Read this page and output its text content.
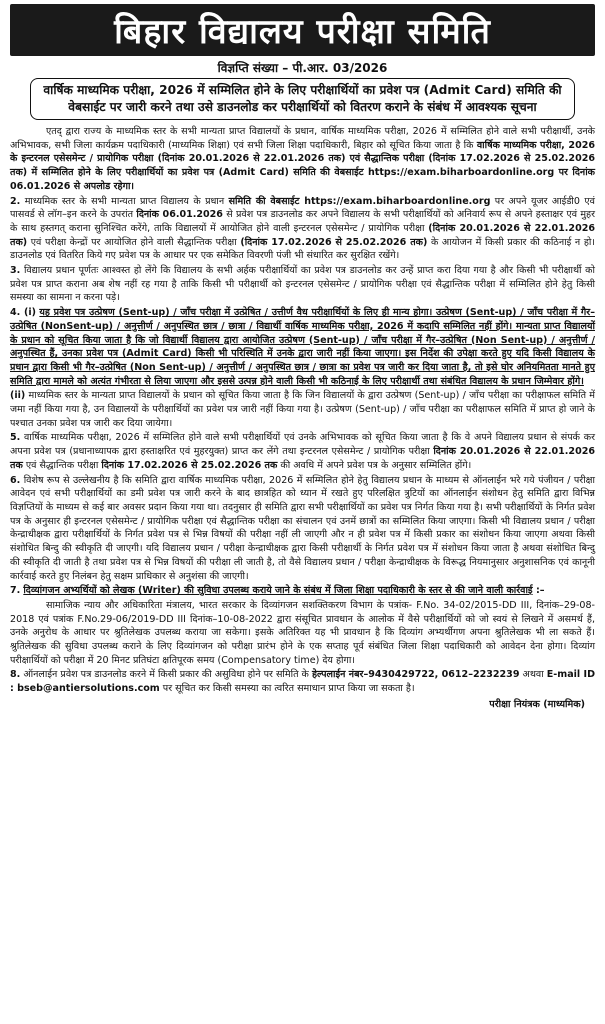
बिहार विद्यालय परीक्षा समिति
विज्ञप्ति संख्या – पी.आर. 03/2026
वार्षिक माध्यमिक परीक्षा, 2026 में सम्मिलित होने के लिए परीक्षार्थियों का प्रवेश पत्र (Admit Card) समिति की वेबसाईट पर जारी करने तथा उसे डाउनलोड कर परीक्षार्थियों को वितरण कराने के संबंध में आवश्यक सूचना

एतद् द्वारा राज्य के माध्यमिक स्तर के सभी मान्यता प्राप्त विद्यालयों के प्रधान, वार्षिक माध्यमिक परीक्षा, 2026 में सम्मिलित होने वाले सभी परीक्षार्थी, उनके अभिभावक, सभी जिला कार्यक्रम पदाधिकारी (माध्यमिक शिक्षा) एवं सभी जिला शिक्षा पदाधिकारी, बिहार को सूचित किया जाता है कि वार्षिक माध्यमिक परीक्षा, 2026 के इन्टरनल एसेसमेन्ट / प्रायोगिक परीक्षा (दिनांक 20.01.2026 से 22.01.2026 तक) एवं सैद्धान्तिक परीक्षा (दिनांक 17.02.2026 से 25.02.2026 तक) में सम्मिलित होने के लिए परीक्षार्थियों का प्रवेश पत्र (Admit Card) समिति की वेबसाईट https://exam.biharboardonline.org पर दिनांक 06.01.2026 से अपलोड रहेगा।

2. माध्यमिक स्तर के सभी मान्यता प्राप्त विद्यालय के प्रधान समिति की वेबसाईट https://exam.biharboardonline.org पर अपने यूजर आईडी0 एवं पासवर्ड से लॉग–इन करने के उपरांत दिनांक 06.01.2026 से प्रवेश पत्र डाउनलोड कर अपने विद्यालय के सभी परीक्षार्थियों को अनिवार्य रूप से अपने हस्ताक्षर एवं मुहर के साथ हस्तगत् कराना सुनिश्चित करेंगे, ताकि विद्यालयों में आयोजित होने वाली इन्टरनल एसेसमेन्ट / प्रायोगिक परीक्षा (दिनांक 20.01.2026 से 22.01.2026 तक) एवं परीक्षा केन्द्रों पर आयोजित होने वाली सैद्धान्तिक परीक्षा (दिनांक 17.02.2026 से 25.02.2026 तक) के आयोजन में किसी प्रकार की कठिनाई न हो। डाउनलोड एवं वितरित किये गए प्रवेश पत्र के आधार पर एक समेकित विवरणी पंजी भी संधारित कर सुरक्षित रखेंगे।

3. विद्यालय प्रधान पूर्णतः आश्वस्त हो लेंगे कि विद्यालय के सभी अर्हक परीक्षार्थियों का प्रवेश पत्र डाउनलोड कर उन्हें प्राप्त करा दिया गया है और किसी भी परीक्षार्थी को प्रवेश पत्र प्राप्त कराना अब शेष नहीं रह गया है ताकि किसी भी परीक्षार्थी को इन्टरनल एसेसमेन्ट / प्रायोगिक परीक्षा एवं सैद्धान्तिक परीक्षा में सम्मिलित होने हेतु किसी समस्या का सामना न करना पड़े।

4. (i) यह प्रवेश पत्र उत्प्रेषण (Sent-up) / जाँच परीक्षा में उत्प्रेषित / उत्तीर्ण वैध परीक्षार्थियों के लिए ही मान्य होगा। उत्प्रेषण (Sent-up) / जाँच परीक्षा में गैर–उत्प्रेषित (NonSent-up) / अनुत्तीर्ण / अनुपस्थित छात्र / छात्रा / विद्यार्थी वार्षिक माध्यमिक परीक्षा, 2026 में कदापि सम्मिलित नहीं होंगे। मान्यता प्राप्त विद्यालयों के प्रधान को सूचित किया जाता है कि जो विद्यार्थी विद्यालय द्वारा आयोजित उत्प्रेषण (Sent-up) / जाँच परीक्षा में गैर–उत्प्रेषित (Non Sent-up) / अनुत्तीर्ण / अनुपस्थित हैं, उनका प्रवेश पत्र (Admit Card) किसी भी परिस्थिति में उनके द्वारा जारी नहीं किया जाएगा। इस निर्देश की उपेक्षा करते हुए यदि किसी विद्यालय के प्रधान द्वारा किसी भी गैर–उत्प्रेषित (Non Sent-up) / अनुत्तीर्ण / अनुपस्थित छात्र / छात्रा का प्रवेश पत्र जारी कर दिया जाता है, तो इसे घोर अनियमितता मानते हुए समिति द्वारा मामले को अत्यंत गंभीरता से लिया जाएगा और इससे उत्पन्न होने वाली किसी भी कठिनाई के लिए परीक्षार्थी तथा संबंधित विद्यालय के प्रधान जिम्मेवार होंगे।

(ii) माध्यमिक स्तर के मान्यता प्राप्त विद्यालयों के प्रधान को सूचित किया जाता है कि जिन विद्यालयों के द्वारा उत्प्रेषण (Sent-up) / जाँच परीक्षा का परीक्षाफल समिति में जमा नहीं किया गया है, उन विद्यालयों के परीक्षार्थियों का प्रवेश पत्र जारी नहीं किया गया है। उत्प्रेषण (Sent-up) / जाँच परीक्षा का परीक्षाफल समिति में प्राप्त हो जाने के पश्चात उनका प्रवेश पत्र जारी कर दिया जायेगा।

5. वार्षिक माध्यमिक परीक्षा, 2026 में सम्मिलित होने वाले सभी परीक्षार्थियों एवं उनके अभिभावक को सूचित किया जाता है कि वे अपने विद्यालय प्रधान से संपर्क कर अपना प्रवेश पत्र (प्रधानाध्यापक द्वारा हस्ताक्षरित एवं मुहरयुक्त) प्राप्त कर लेंगे तथा इन्टरनल एसेसमेन्ट / प्रायोगिक परीक्षा दिनांक 20.01.2026 से 22.01.2026 तक एवं सैद्धान्तिक परीक्षा दिनांक 17.02.2026 से 25.02.2026 तक की अवधि में अपने प्रवेश पत्र के अनुसार सम्मिलित होंगे।

6. विशेष रूप से उल्लेखनीय है कि समिति द्वारा वार्षिक माध्यमिक परीक्षा, 2026 में सम्मिलित होने हेतु विद्यालय प्रधान के माध्यम से ऑनलाईन भरे गये पंजीयन / परीक्षा आवेदन एवं सभी परीक्षार्थियों का डमी प्रवेश पत्र जारी करने के बाद छात्रहित को ध्यान में रखते हुए परिलक्षित त्रुटियों का ऑनलाईन संशोधन हेतु समिति द्वारा विभिन्न विज्ञप्तियों के माध्यम से कई बार अवसर प्रदान किया गया था। तदनुसार ही समिति द्वारा सभी परीक्षार्थियों का प्रवेश पत्र निर्गत किया गया है। सभी परीक्षार्थियों के निर्गत प्रवेश पत्र के अनुसार ही इन्टरनल एसेसमेन्ट / प्रायोगिक परीक्षा एवं सैद्धान्तिक परीक्षा का संचालन एवं उनमें छात्रों का सम्मिलित किया जाएगा। किसी भी विद्यालय प्रधान / परीक्षा केन्द्राधीक्षक द्वारा परीक्षार्थियों के निर्गत प्रवेश पत्र से भिन्न विषयों की परीक्षा नहीं ली जाएगी और न ही प्रवेश पत्र में किसी प्रकार का संशोधन किया जाएगा अथवा किसी संशोधित बिन्दु की स्वीकृति दी जाएगी। यदि विद्यालय प्रधान / परीक्षा केन्द्राधीक्षक द्वारा किसी परीक्षार्थी के निर्गत प्रवेश पत्र में संशोधन किया जाता है अथवा संशोधित बिन्दु की स्वीकृति दी जाती है तथा प्रवेश पत्र से भिन्न विषयों की परीक्षा ली जाती है, तो वैसे विद्यालय प्रधान / परीक्षा केन्द्राधीक्षक के विरूद्ध नियमानुसार अनुशासनिक एवं कानूनी कार्रवाई करते हुए निलंबन हेतु सक्षम प्राधिकार से अनुशंसा की जाएगी।

7. दिव्यांगजन अभ्यर्थियों को लेखक (Writer) की सुविधा उपलब्ध कराये जाने के संबंध में जिला शिक्षा पदाधिकारी के स्तर से की जाने वाली कार्रवाई :–

सामाजिक न्याय और अधिकारिता मंत्रालय, भारत सरकार के दिव्यांगजन सशक्तिकरण विभाग के पत्रांक- F.No. 34-02/2015-DD III, दिनांक–29-08-2018 एवं पत्रांक F.No.29-06/2019-DD III दिनांक–10-08-2022 द्वारा संसूचित प्रावधान के आलोक में वैसे परीक्षार्थियों को जो स्वयं से लिखने में असमर्थ हैं, उनके अनुरोध के आधार पर श्रुतिलेखक उपलब्ध कराया जा सकेगा। इसके अतिरिक्त यह भी प्रावधान है कि दिव्यांग अभ्यर्थीगण अपना श्रुतिलेखक भी ला सकते हैं। श्रुतिलेखक की सुविधा उपलब्ध कराने के लिए दिव्यांगजन को परीक्षा प्रारंभ होने के एक सप्ताह पूर्व संबंधित जिला शिक्षा पदाधिकारी को आवेदन देना होगा। दिव्यांग परीक्षार्थियों को परीक्षा में 20 मिनट प्रतिघंटा क्षतिपूरक समय (Compensatory time) देय होगा।

8. ऑनलाईन प्रवेश पत्र डाउनलोड करने में किसी प्रकार की असुविधा होने पर समिति के हेल्पलाईन नंबर–9430429722, 0612–2232239 अथवा E-mail ID : bseb@antiersolutions.com पर सूचित कर किसी समस्या का त्वरित समाधान प्राप्त किया जा सकता है।

परीक्षा नियंत्रक (माध्यमिक)
